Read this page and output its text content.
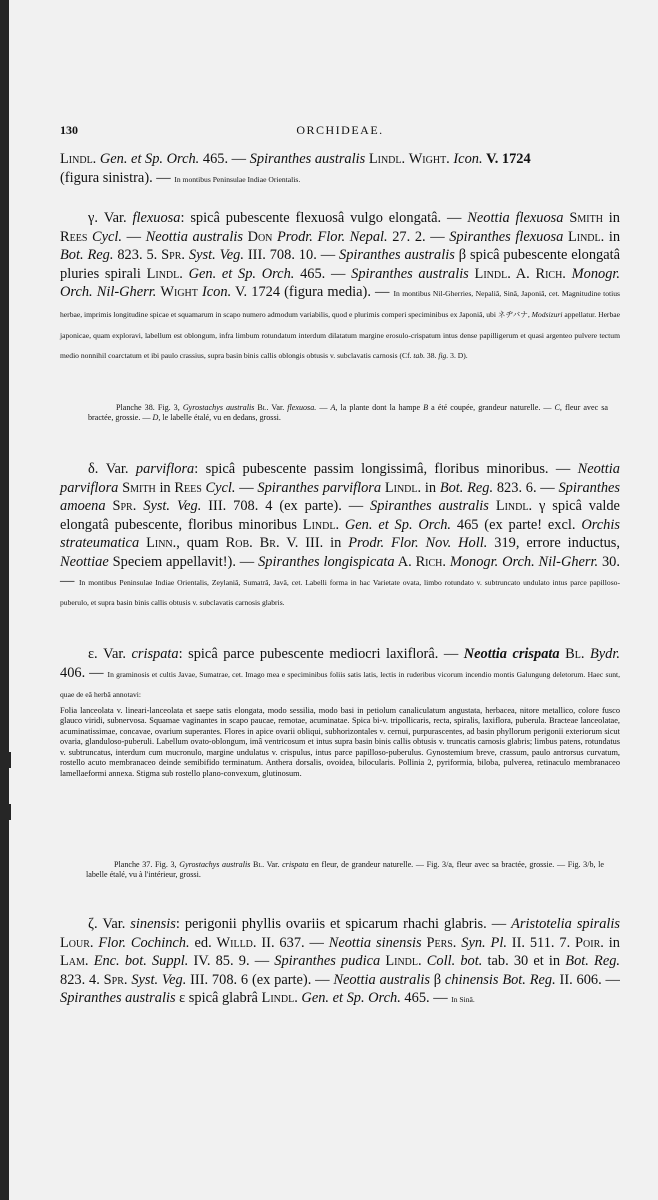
130	ORCHIDEAE.

Lindl. Gen. et Sp. Orch. 465. — Spiranthes australis Lindl. Wight. Icon. V. 1724
(figura sinistra). — In montibus Peninsulae Indiae Orientalis.

γ. Var. flexuosa: spicâ pubescente flexuosâ vulgo elongatâ. — Neottia flexuosa Smith in Rees Cycl. — Neottia australis Don Prodr. Flor. Nepal. 27. 2. — Spiranthes flexuosa Lindl. in Bot. Reg. 823. 5. Spr. Syst. Veg. III. 708. 10. — Spiranthes australis β spicâ pubescente elongatâ pluries spirali Lindl. Gen. et Sp. Orch. 465. — Spiranthes australis Lindl. A. Rich. Monogr. Orch. Nil-Gherr. Wight Icon. V. 1724 (figura media). — In montibus Nil-Gherries, Nepaliâ, Sinâ, Japoniâ, cet. Magnitudine totius herbae, imprimis longitudine spicae et squamarum in scapo numero admodum variabilis, quod e plurimis comperi speciminibus ex Japoniâ, ubi ネヂバナ, Modsizuri appellatur. Herbae japonicae, quam exploravi, labellum est oblongum, infra limbum rotundatum interdum dilatatum margine erosulo-crispatum intus dense papilligerum et quasi argenteo pulvere tectum medio nonnihil coarctatum et ibi paulo crassius, supra basin binis callis oblongis obtusis v. subclavatis carnosis (Cf. tab. 38. fig. 3. D).

Planche 38. Fig. 3, Gyrostachys australis Bl. Var. flexuosa. — A, la plante dont la hampe B a été coupée, grandeur naturelle. — C, fleur avec sa bractée, grossie. — D, le labelle étalé, vu en dedans, grossi.

δ. Var. parviflora: spicâ pubescente passim longissimâ, floribus minoribus. — Neottia parviflora Smith in Rees Cycl. — Spiranthes parviflora Lindl. in Bot. Reg. 823. 6. — Spiranthes amoena Spr. Syst. Veg. III. 708. 4 (ex parte). — Spiranthes australis Lindl. γ spicâ valde elongatâ pubescente, floribus minoribus Lindl. Gen. et Sp. Orch. 465 (ex parte! excl. Orchis strateumatica Linn., quam Rob. Br. V. III. in Prodr. Flor. Nov. Holl. 319, errore inductus, Neottiae Speciem appellavit!). — Spiranthes longispicata A. Rich. Monogr. Orch. Nil-Gherr. 30. — In montibus Peninsulae Indiae Orientalis, Zeylaniâ, Sumatrâ, Javâ, cet. Labelli forma in hac Varietate ovata, limbo rotundato v. subtruncato undulato intus parce papilloso-puberulo, et supra basin binis callis obtusis v. subclavatis carnosis glabris.

ε. Var. crispata: spicâ parce pubescente mediocri laxiflorâ. — Neottia crispata Bl. Bydr. 406. — In graminosis et cultis Javae, Sumatrae, cet. Imago mea e speciminibus foliis satis latis, lectis in ruderibus vicorum incendio montis Galungung deletorum. Haec sunt, quae de eâ herbâ annotavi:

Folia lanceolata v. lineari-lanceolata et saepe satis elongata, modo sessilia, modo basi in petiolum canaliculatum angustata, herbacea, nitore metallico, colore fusco glauco viridi, subnervosa. Squamae vaginantes in scapo paucae, remotae, acuminatae. Spica bi-v. tripollicaris, recta, spiralis, laxiflora, puberula. Bracteae lanceolatae, acuminatissimae, concavae, ovarium superantes. Flores in apice ovarii obliqui, subhorizontales v. cernui, purpurascentes, ad basin phyllorum perigonii exteriorum sicut ovaria, glanduloso-puberuli. Labellum ovato-oblongum, imâ ventricosum et intus supra basin binis callis obtusis v. truncatis carnosis glabris; limbus patens, rotundatus v. subtruncatus, interdum cum mucronulo, margine undulatus v. crispulus, intus parce papilloso-puberulus. Gynostemium breve, crassum, paulo antrorsus curvatum, rostello acuto membranaceo deinde semibifido terminatum. Anthera dorsalis, ovoidea, bilocularis. Pollinia 2, pyriformia, biloba, pulverea, retinaculo membranaceo lamellaeformi annexa. Stigma sub rostello plano-convexum, glutinosum.

Planche 37. Fig. 3, Gyrostachys australis Bl. Var. crispata en fleur, de grandeur naturelle. — Fig. 3/a, fleur avec sa bractée, grossie. — Fig. 3/b, le labelle étalé, vu à l'intérieur, grossi.

ζ. Var. sinensis: perigonii phyllis ovariis et spicarum rhachi glabris. — Aristotelia spiralis Lour. Flor. Cochinch. ed. Willd. II. 637. — Neottia sinensis Pers. Syn. Pl. II. 511. 7. Poir. in Lam. Enc. bot. Suppl. IV. 85. 9. — Spiranthes pudica Lindl. Coll. bot. tab. 30 et in Bot. Reg. 823. 4. Spr. Syst. Veg. III. 708. 6 (ex parte). — Neottia australis β chinensis Bot. Reg. II. 606. — Spiranthes australis ε spicâ glabrâ Lindl. Gen. et Sp. Orch. 465. — In Sinâ.
